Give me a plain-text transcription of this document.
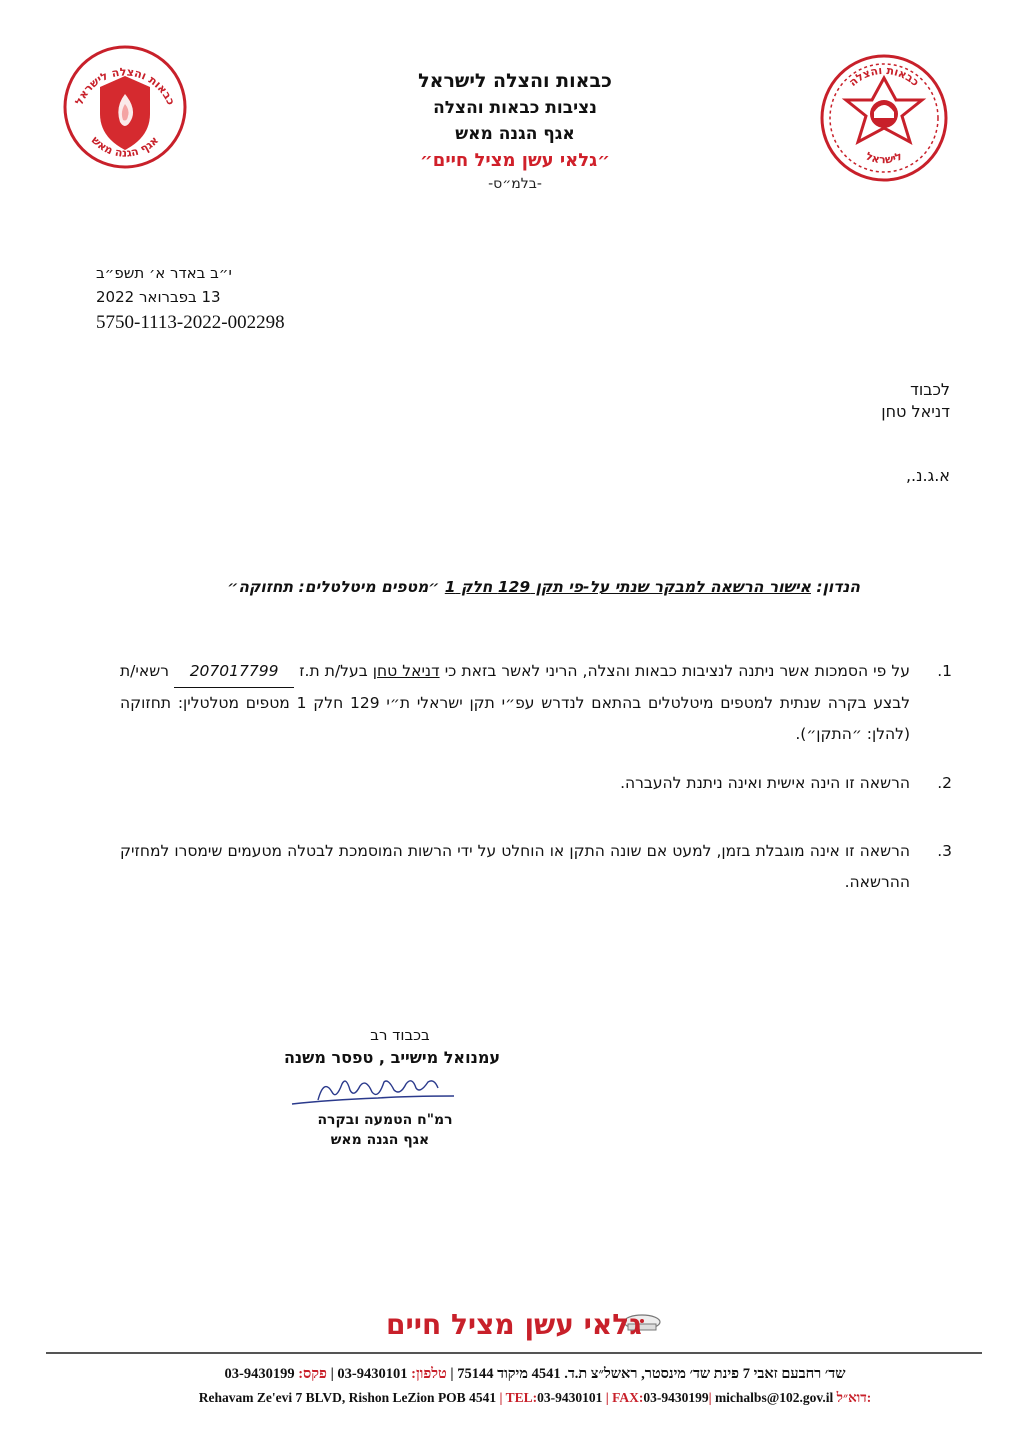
כבאות והצלה לישראל
אגף הגנה מאש
כבאות והצלה
לישראל
כבאות והצלה לישראל
נציבות כבאות והצלה
אגף הגנה מאש
״גלאי עשן מציל חיים״
-בלמ״ס-
י״ב באדר א׳ תשפ״ב
13 בפברואר 2022
5750-1113-2022-002298
לכבוד
דניאל טחן
א.ג.נ.,
הנדון: אישור הרשאה למבקר שנתי על-פי תקן 129 חלק 1 ״מטפים מיטלטלים: תחזוקה״
1.
על פי הסמכות אשר ניתנה לנציבות כבאות והצלה, הריני לאשר בזאת כי דניאל טחן בעל/ת ת.ז 207017799 רשאי/ת לבצע בקרה שנתית למטפים מיטלטלים בהתאם לנדרש עפ״י תקן ישראלי ת״י 129 חלק 1 מטפים מטלטלין: תחזוקה (להלן: ״התקן״).
2.
הרשאה זו הינה אישית ואינה ניתנת להעברה.
3.
הרשאה זו אינה מוגבלת בזמן, למעט אם שונה התקן או הוחלט על ידי הרשות המוסמכת לבטלה מטעמים שימסרו למחזיק ההרשאה.
בכבוד רב
עמנואל מישייב , טפסר משנה
רמ"ח הטמעה ובקרה
אגף הגנה מאש
גלאי עשן מציל חיים
שד׳ רחבעם זאבי 7 פינת שד׳ מינסטר, ראשל״צ ת.ד. 4541 מיקוד 75144 | טלפון: 03-9430101 | פקס: 03-9430199
Rehavam Ze'evi 7 BLVD, Rishon LeZion POB 4541 | TEL:03-9430101 | FAX:03-9430199| michalbs@102.gov.il דוא״ל:
